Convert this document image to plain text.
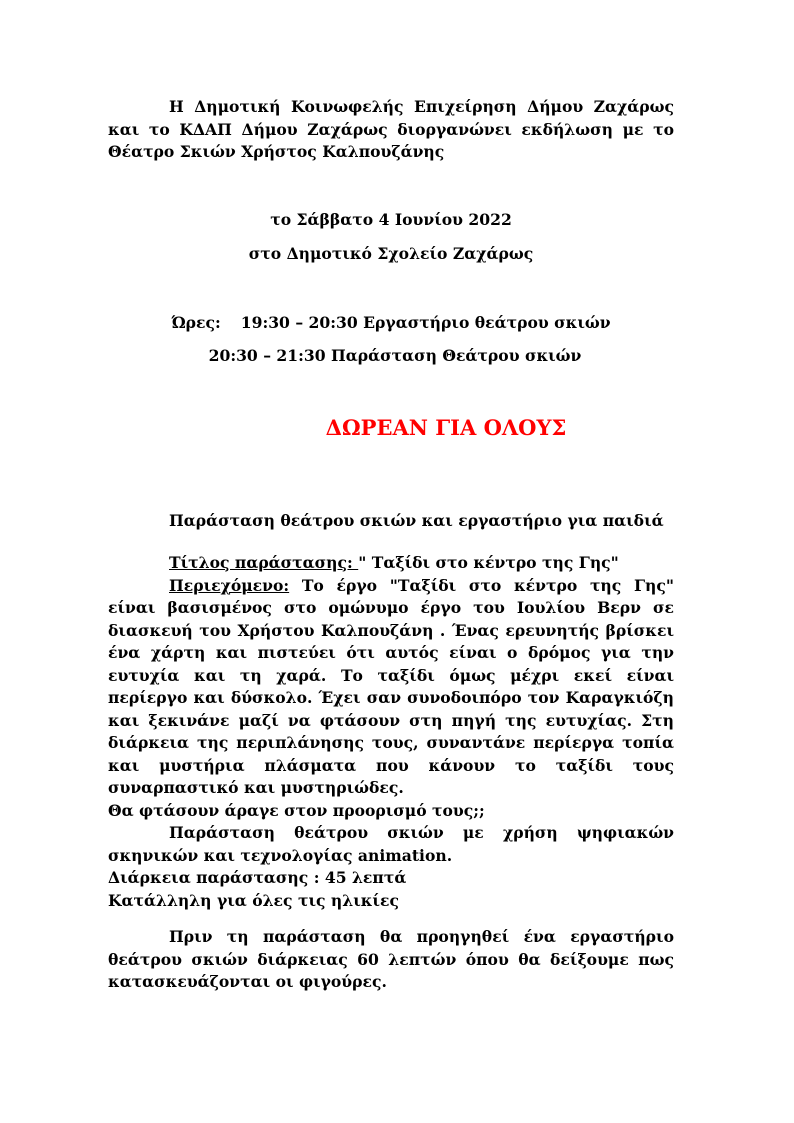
Η Δημοτική Κοινωφελής Επιχείρηση Δήμου Ζαχάρως και το ΚΔΑΠ Δήμου Ζαχάρως διοργανώνει εκδήλωση με το Θέατρο Σκιών Χρήστος Καλπουζάνης

το Σάββατο 4 Ιουνίου 2022

στο Δημοτικό Σχολείο Ζαχάρως

Ώρες: 19:30 – 20:30 Εργαστήριο θεάτρου σκιών

20:30 – 21:30 Παράσταση Θεάτρου σκιών

ΔΩΡΕΑΝ ΓΙΑ ΟΛΟΥΣ

Παράσταση θεάτρου σκιών και εργαστήριο για παιδιά

Τίτλος παράστασης: " Ταξίδι στο κέντρο της Γης"
Περιεχόμενο: Το έργο "Ταξίδι στο κέντρο της Γης" είναι βασισμένος στο ομώνυμο έργο του Ιουλίου Βερν σε διασκευή του Χρήστου Καλπουζάνη . Ένας ερευνητής βρίσκει ένα χάρτη και πιστεύει ότι αυτός είναι ο δρόμος για την ευτυχία και τη χαρά. Το ταξίδι όμως μέχρι εκεί είναι περίεργο και δύσκολο. Έχει σαν συνοδοιπόρο τον Καραγκιόζη και ξεκινάνε μαζί να φτάσουν στη πηγή της ευτυχίας. Στη διάρκεια της περιπλάνησης τους, συναντάνε περίεργα τοπία και μυστήρια πλάσματα που κάνουν το ταξίδι τους συναρπαστικό και μυστηριώδες.
Θα φτάσουν άραγε στον προορισμό τους;;
Παράσταση θεάτρου σκιών με χρήση ψηφιακών σκηνικών και τεχνολογίας animation.
Διάρκεια παράστασης : 45 λεπτά
Κατάλληλη για όλες τις ηλικίες

Πριν τη παράσταση θα προηγηθεί ένα εργαστήριο θεάτρου σκιών διάρκειας 60 λεπτών όπου θα δείξουμε πως κατασκευάζονται οι φιγούρες.
